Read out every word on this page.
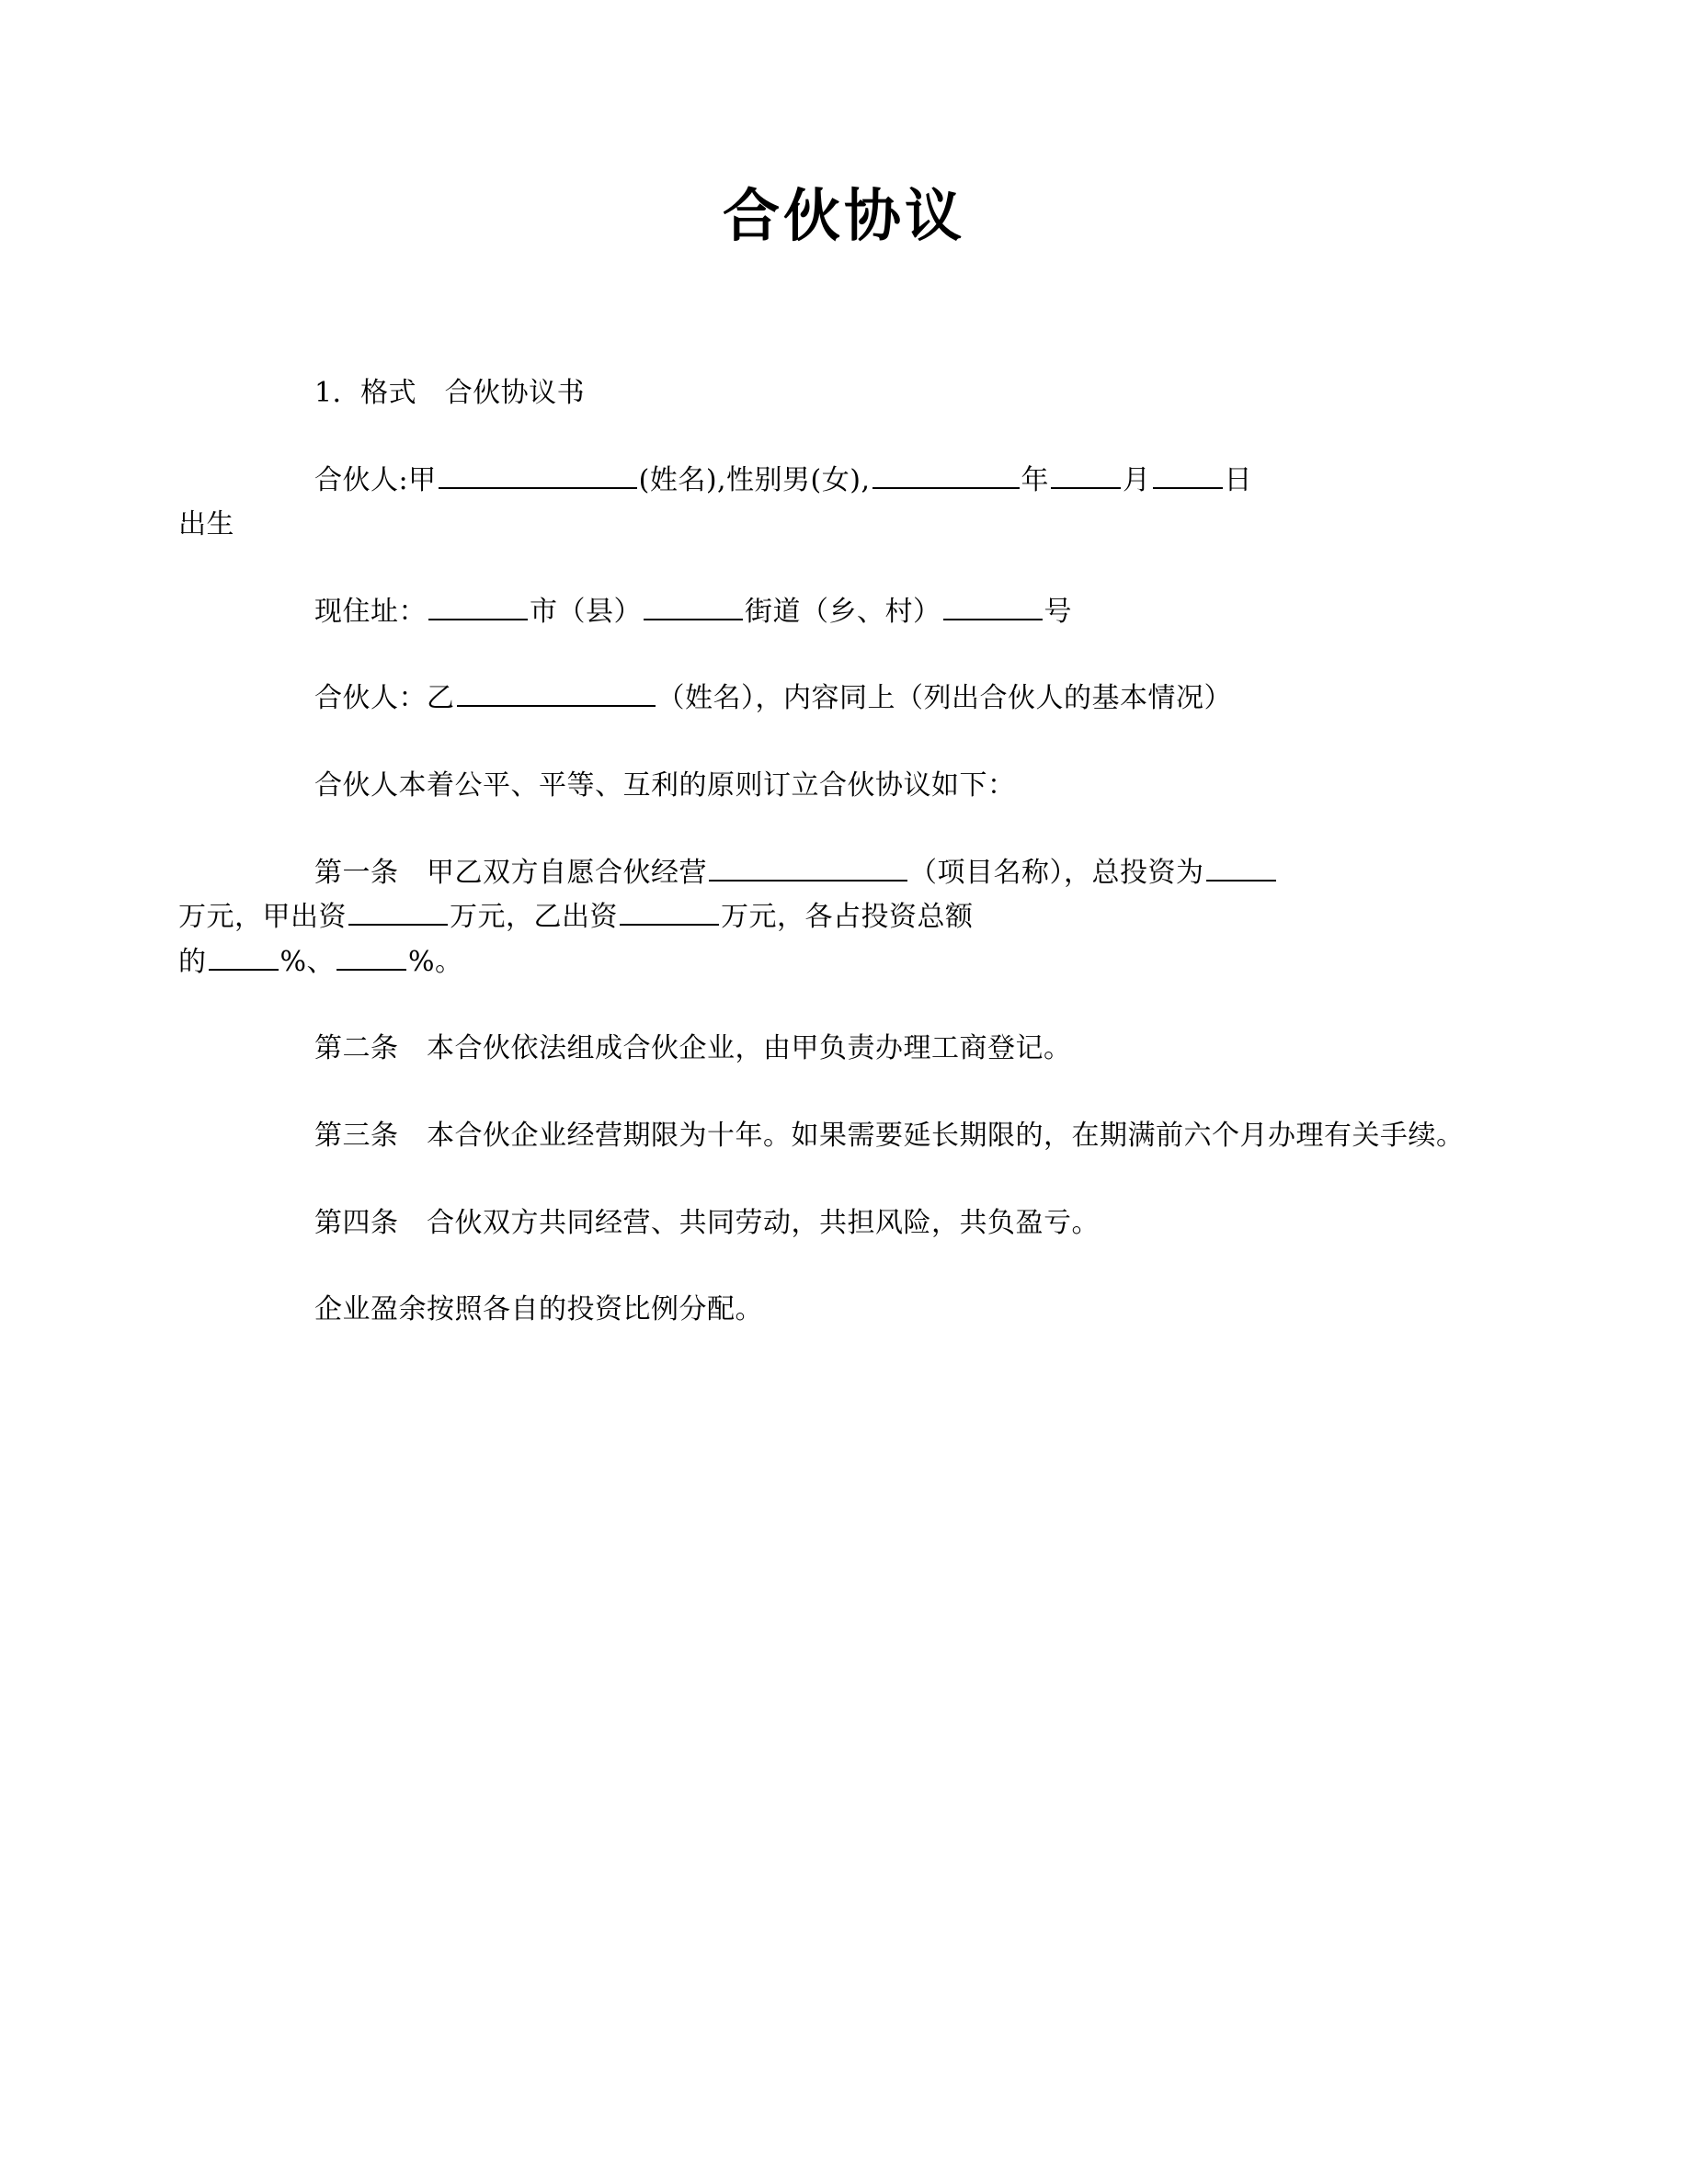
合伙协议

1．格式　合伙协议书

合伙人:甲	(姓名),性别男(女),	年	月	日
出生

现住址：	市（县）	街道（乡、村）	号

合伙人：乙	（姓名），内容同上（列出合伙人的基本情况）

合伙人本着公平、平等、互利的原则订立合伙协议如下：

第一条　甲乙双方自愿合伙经营	（项目名称），总投资为
万元，甲出资	万元，乙出资	万元，各占投资总额
的	%、	%。

第二条　本合伙依法组成合伙企业，由甲负责办理工商登记。

第三条　本合伙企业经营期限为十年。如果需要延长期限的，在期满前六个月办理有关手续。

第四条　合伙双方共同经营、共同劳动，共担风险，共负盈亏。

企业盈余按照各自的投资比例分配。
